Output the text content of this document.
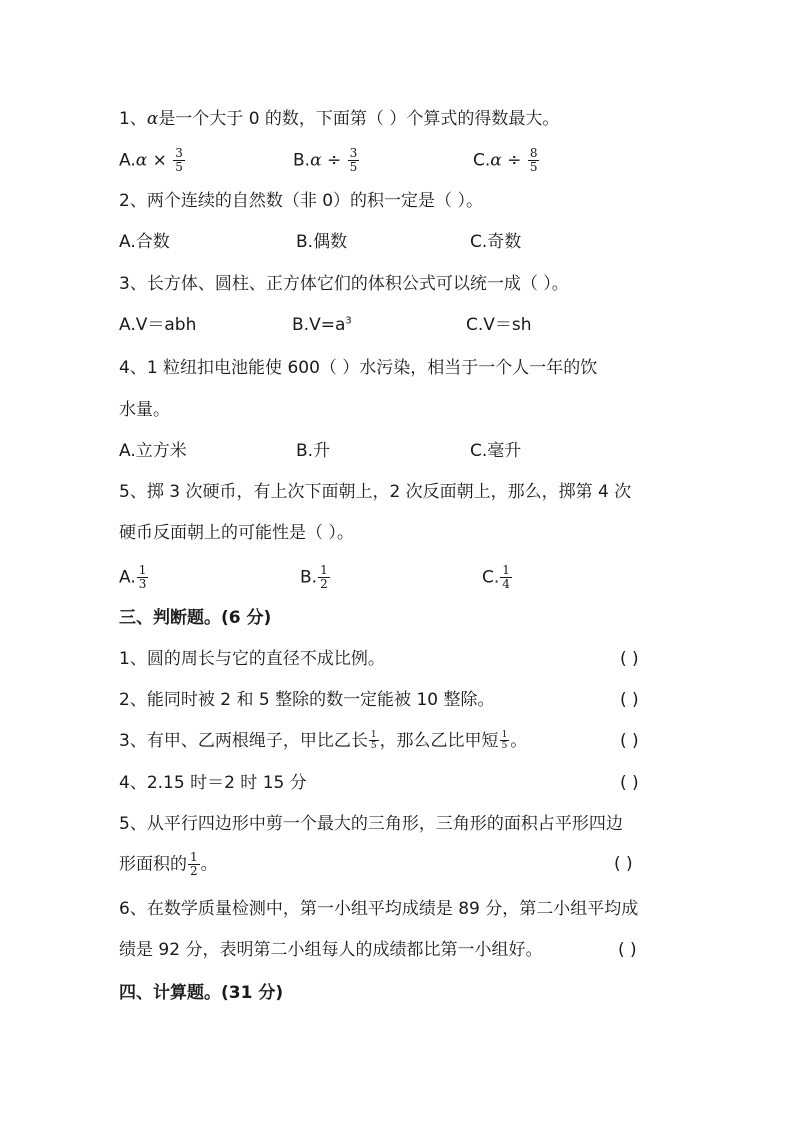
1、α是一个大于 0 的数，下面第（ ）个算式的得数最大。
$A.\alpha \times \frac{3}{5}$	$B.\alpha \div \frac{3}{5}$	$C.\alpha \div \frac{8}{5}$
2、两个连续的自然数（非 0）的积一定是（ ）。
A.合数	B.偶数	C.奇数
3、长方体、圆柱、正方体它们的体积公式可以统一成（ ）。
A.V＝abh	$B.V=a^3$	C.V＝sh
4、1 粒纽扣电池能使 600（ ）水污染，相当于一个人一年的饮
水量。
A.立方米	B.升	C.毫升
5、掷 3 次硬币，有上次下面朝上，2 次反面朝上，那么，掷第 4 次
硬币反面朝上的可能性是（ ）。
A. $\frac{1}{3}$	B. $\frac{1}{2}$	C. $\frac{1}{4}$
三、判断题。(6 分)
1、圆的周长与它的直径不成比例。	( )
2、能同时被 2 和 5 整除的数一定能被 10 整除。	( )
3、有甲、乙两根绳子，甲比乙长 $\frac{1}{5}$ ，那么乙比甲短 $\frac{1}{5}$ 。	( )
4、2.15 时＝2 时 15 分	( )
5、从平行四边形中剪一个最大的三角形，三角形的面积占平形四边
形面积的 $\frac{1}{2}$ 。	( )
6、在数学质量检测中，第一小组平均成绩是 89 分，第二小组平均成
绩是 92 分，表明第二小组每人的成绩都比第一小组好。	( )
四、计算题。(31 分)
